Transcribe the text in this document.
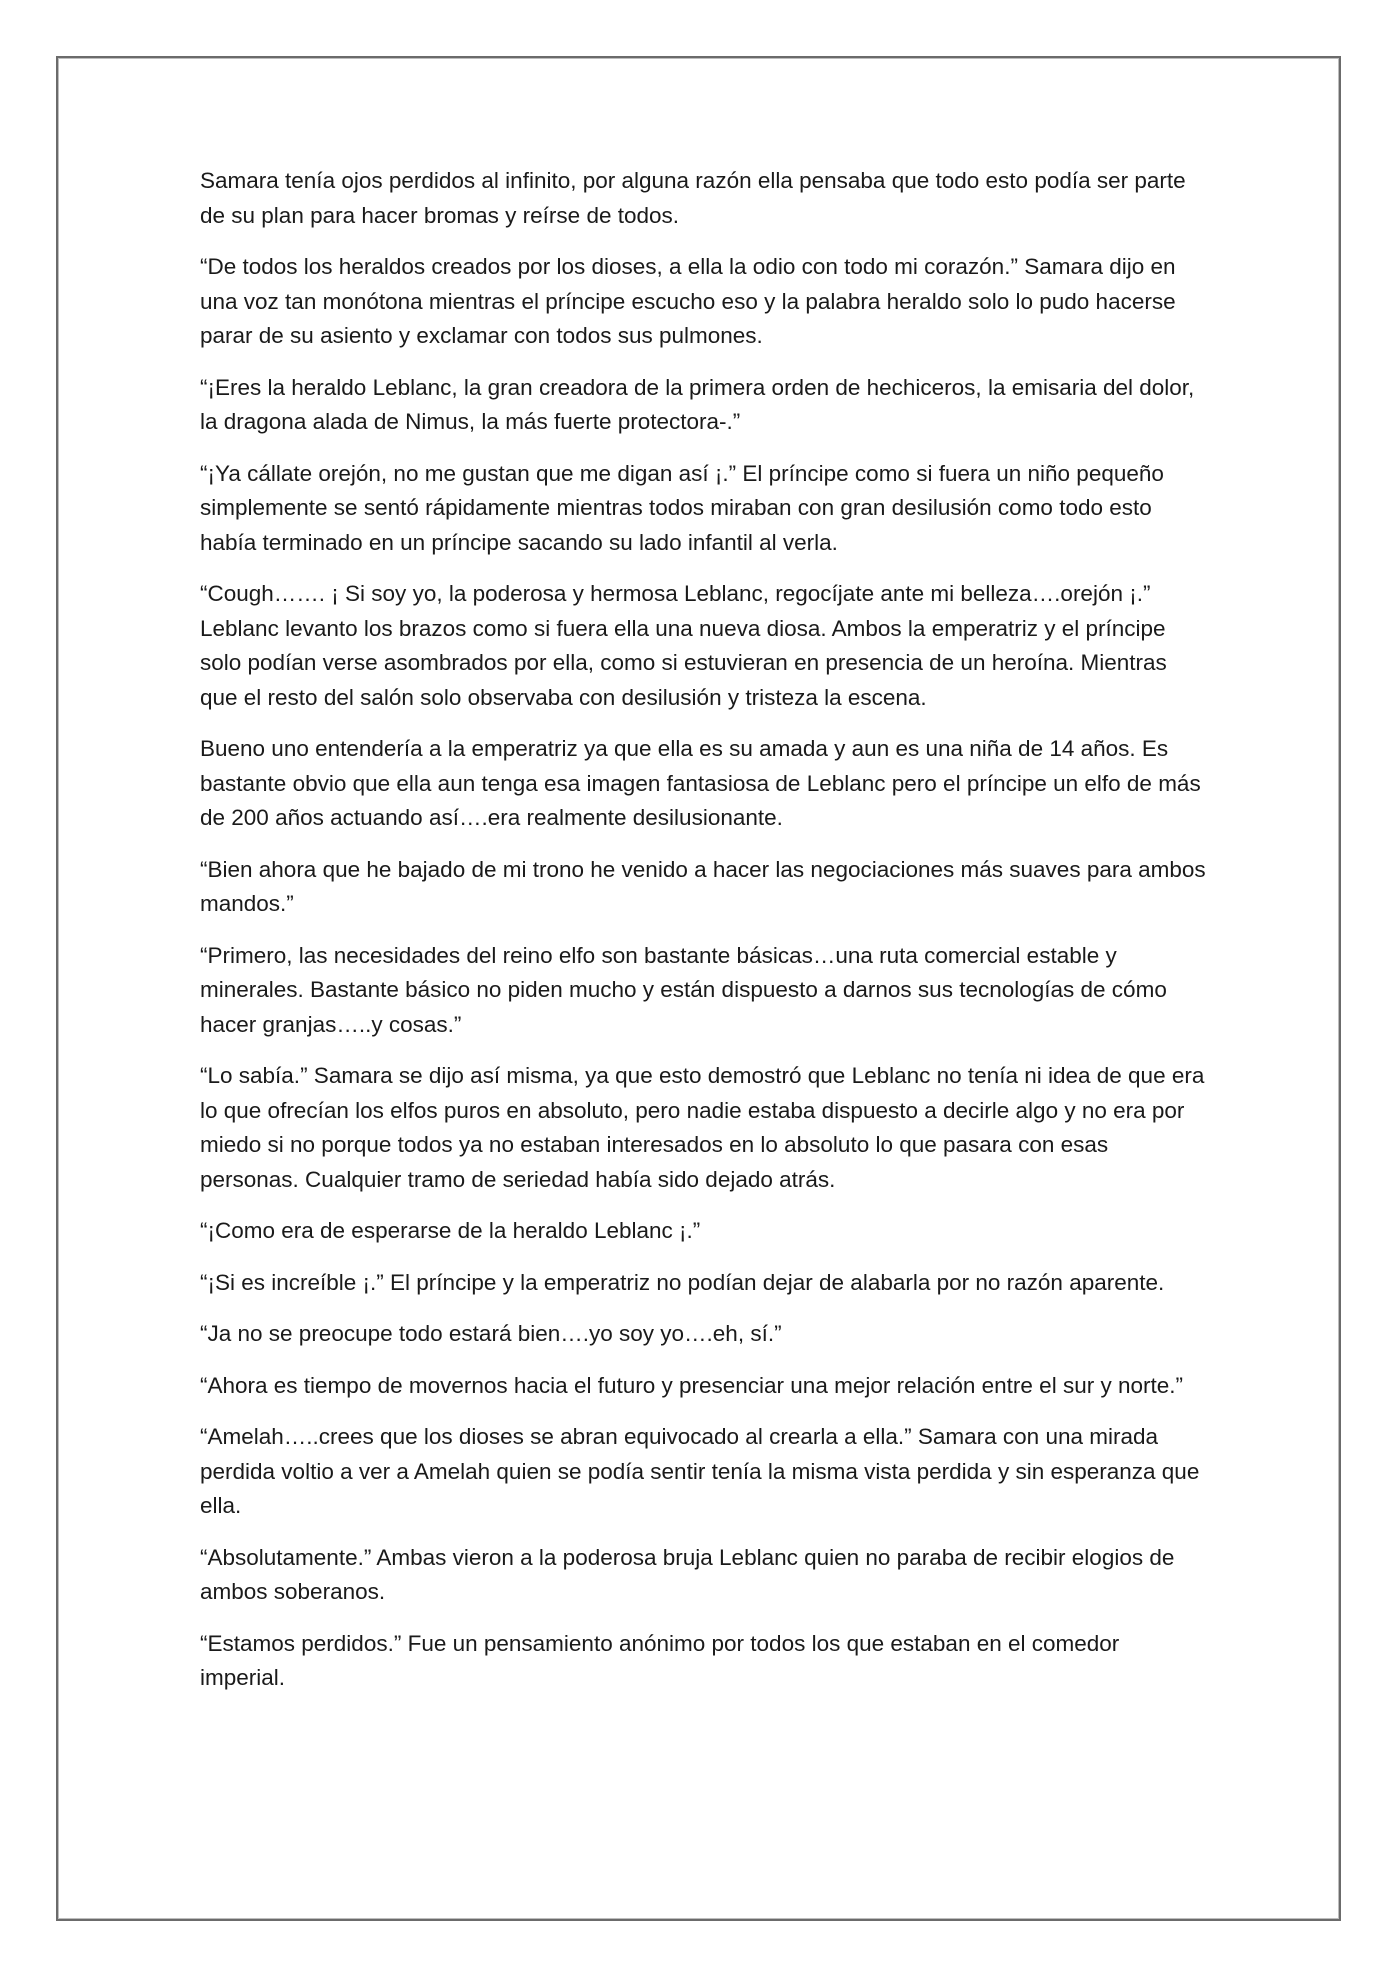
Samara tenía ojos perdidos al infinito, por alguna razón ella pensaba que todo esto podía ser parte de su plan para hacer bromas y reírse de todos.

“De todos los heraldos creados por los dioses, a ella la odio con todo mi corazón.” Samara dijo en una voz tan monótona mientras el príncipe escucho eso y la palabra heraldo solo lo pudo hacerse parar de su asiento y exclamar con todos sus pulmones.

“¡Eres la heraldo Leblanc, la gran creadora de la primera orden de hechiceros, la emisaria del dolor, la dragona alada de Nimus, la más fuerte protectora-.”

“¡Ya cállate orejón, no me gustan que me digan así ¡.” El príncipe como si fuera un niño pequeño simplemente se sentó rápidamente mientras todos miraban con gran desilusión como todo esto había terminado en un príncipe sacando su lado infantil al verla.

“Cough……. ¡ Si soy yo, la poderosa y hermosa Leblanc, regocíjate ante mi belleza….orejón ¡.” Leblanc levanto los brazos como si fuera ella una nueva diosa. Ambos la emperatriz y el príncipe solo podían verse asombrados por ella, como si estuvieran en presencia de un heroína. Mientras que el resto del salón solo observaba con desilusión y tristeza la escena.

Bueno uno entendería a la emperatriz ya que ella es su amada y aun es una niña de 14 años. Es bastante obvio que ella aun tenga esa imagen fantasiosa de Leblanc pero el príncipe un elfo de más de 200 años actuando así….era realmente desilusionante.

“Bien ahora que he bajado de mi trono he venido a hacer las negociaciones más suaves para ambos mandos.”

“Primero, las necesidades del reino elfo son bastante básicas…una ruta comercial estable y minerales. Bastante básico no piden mucho y están dispuesto a darnos sus tecnologías de cómo hacer granjas…..y cosas.”

“Lo sabía.” Samara se dijo así misma, ya que esto demostró que Leblanc no tenía ni idea de que era lo que ofrecían los elfos puros en absoluto, pero nadie estaba dispuesto a decirle algo y no era por miedo si no porque todos ya no estaban interesados en lo absoluto lo que pasara con esas personas. Cualquier tramo de seriedad había sido dejado atrás.

“¡Como era de esperarse de la heraldo Leblanc ¡.”

“¡Si es increíble ¡.” El príncipe y la emperatriz no podían dejar de alabarla por no razón aparente.

“Ja no se preocupe todo estará bien….yo soy yo….eh, sí.”

“Ahora es tiempo de movernos hacia el futuro y presenciar una mejor relación entre el sur y norte.”

“Amelah…..crees que los dioses se abran equivocado al crearla a ella.” Samara con una mirada perdida voltio a ver a Amelah quien se podía sentir tenía la misma vista perdida y sin esperanza que ella.

“Absolutamente.” Ambas vieron a la poderosa bruja Leblanc quien no paraba de recibir elogios de ambos soberanos.

“Estamos perdidos.” Fue un pensamiento anónimo por todos los que estaban en el comedor imperial.
